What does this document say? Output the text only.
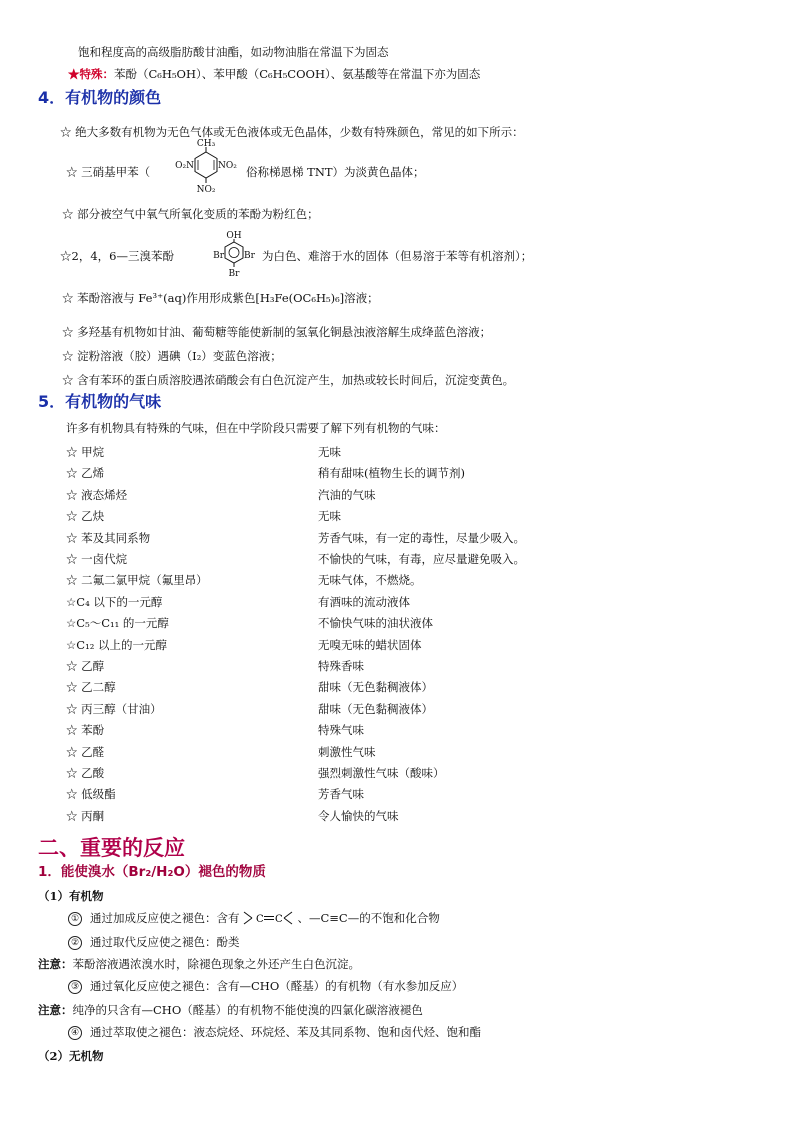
饱和程度高的高级脂肪酸甘油酯，如动物油脂在常温下为固态
★特殊：苯酚（C₆H₅OH）、苯甲酸（C₆H₅COOH）、氨基酸等在常温下亦为固态
4．有机物的颜色
☆ 绝大多数有机物为无色气体或无色液体或无色晶体，少数有特殊颜色，常见的如下所示：
☆ 三硝基甲苯（
CH₃
O₂N	NO₂
NO₂
俗称梯恩梯 TNT）为淡黄色晶体；
☆ 部分被空气中氧气所氧化变质的苯酚为粉红色；
☆2，4，6—三溴苯酚
OH
Br Br
Br
为白色、难溶于水的固体（但易溶于苯等有机溶剂）；
☆ 苯酚溶液与 Fe³⁺(aq)作用形成紫色[H₃Fe(OC₆H₅)₆]溶液；
☆ 多羟基有机物如甘油、葡萄糖等能使新制的氢氧化铜悬浊液溶解生成绛蓝色溶液；
☆ 淀粉溶液（胶）遇碘（I₂）变蓝色溶液；
☆ 含有苯环的蛋白质溶胶遇浓硝酸会有白色沉淀产生，加热或较长时间后，沉淀变黄色。
5．有机物的气味
许多有机物具有特殊的气味，但在中学阶段只需要了解下列有机物的气味：
☆ 甲烷	无味
☆ 乙烯	稍有甜味(植物生长的调节剂)
☆ 液态烯烃	汽油的气味
☆ 乙炔	无味
☆ 苯及其同系物	芳香气味，有一定的毒性，尽量少吸入。
☆ 一卤代烷	不愉快的气味，有毒，应尽量避免吸入。
☆ 二氟二氯甲烷（氟里昂）	无味气体，不燃烧。
☆C₄ 以下的一元醇	有酒味的流动液体
☆C₅～C₁₁ 的一元醇	不愉快气味的油状液体
☆C₁₂ 以上的一元醇	无嗅无味的蜡状固体
☆ 乙醇	特殊香味
☆ 乙二醇	甜味（无色黏稠液体）
☆ 丙三醇（甘油）	甜味（无色黏稠液体）
☆ 苯酚	特殊气味
☆ 乙醛	刺激性气味
☆ 乙酸	强烈刺激性气味（酸味）
☆ 低级酯	芳香气味
☆ 丙酮	令人愉快的气味
二、重要的反应
1．能使溴水（Br₂/H₂O）褪色的物质
（1）有机物
① 通过加成反应使之褪色：含有 C C 、—C≡C—的不饱和化合物
② 通过取代反应使之褪色：酚类
注意：苯酚溶液遇浓溴水时，除褪色现象之外还产生白色沉淀。
③ 通过氧化反应使之褪色：含有—CHO（醛基）的有机物（有水参加反应）
注意：纯净的只含有—CHO（醛基）的有机物不能使溴的四氯化碳溶液褪色
④ 通过萃取使之褪色：液态烷烃、环烷烃、苯及其同系物、饱和卤代烃、饱和酯
（2）无机物
